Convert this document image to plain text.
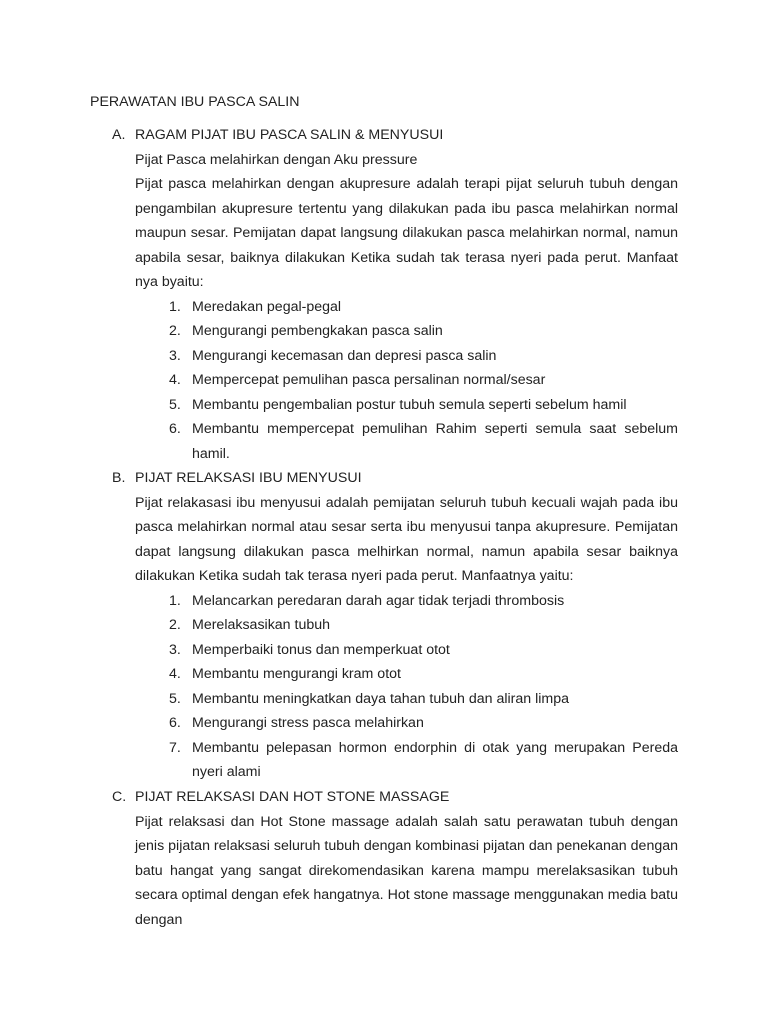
PERAWATAN IBU PASCA SALIN
A. RAGAM PIJAT IBU PASCA SALIN & MENYUSUI
Pijat Pasca melahirkan dengan Aku pressure
Pijat pasca melahirkan dengan akupresure adalah terapi pijat seluruh tubuh dengan pengambilan akupresure tertentu yang dilakukan pada ibu pasca melahirkan normal maupun sesar. Pemijatan dapat langsung dilakukan pasca melahirkan normal, namun apabila sesar, baiknya dilakukan Ketika sudah tak terasa nyeri pada perut. Manfaat nya byaitu:
1. Meredakan pegal-pegal
2. Mengurangi pembengkakan pasca salin
3. Mengurangi kecemasan dan depresi pasca salin
4. Mempercepat pemulihan pasca persalinan normal/sesar
5. Membantu pengembalian postur tubuh semula seperti sebelum hamil
6. Membantu mempercepat pemulihan Rahim seperti semula saat sebelum hamil.
B. PIJAT RELAKSASI IBU MENYUSUI
Pijat relakasasi ibu menyusui adalah pemijatan seluruh tubuh kecuali wajah pada ibu pasca melahirkan normal atau sesar serta ibu menyusui tanpa akupresure. Pemijatan dapat langsung dilakukan pasca melhirkan normal, namun apabila sesar baiknya dilakukan Ketika sudah tak terasa nyeri pada perut. Manfaatnya yaitu:
1. Melancarkan peredaran darah agar tidak terjadi thrombosis
2. Merelaksasikan tubuh
3. Memperbaiki tonus dan memperkuat otot
4. Membantu mengurangi kram otot
5. Membantu meningkatkan daya tahan tubuh dan aliran limpa
6. Mengurangi stress pasca melahirkan
7. Membantu pelepasan hormon endorphin di otak yang merupakan Pereda nyeri alami
C. PIJAT RELAKSASI DAN HOT STONE MASSAGE
Pijat relaksasi dan Hot Stone massage adalah salah satu perawatan tubuh dengan jenis pijatan relaksasi seluruh tubuh dengan kombinasi pijatan dan penekanan dengan batu hangat yang sangat direkomendasikan karena mampu merelaksasikan tubuh secara optimal dengan efek hangatnya. Hot stone massage menggunakan media batu dengan
